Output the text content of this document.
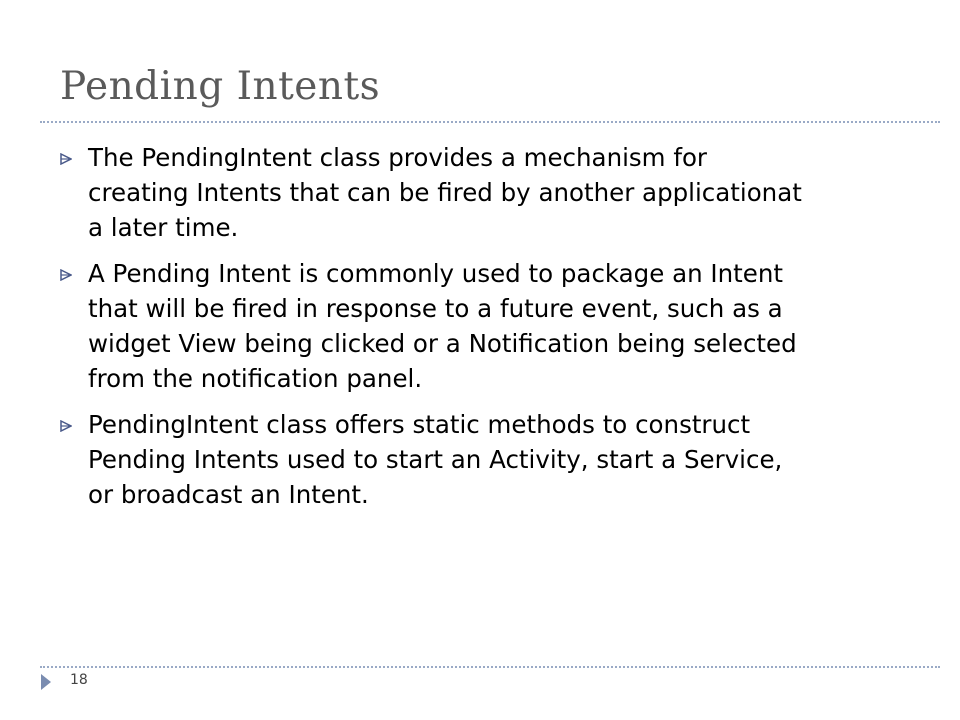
Pending Intents
The PendingIntent class provides a mechanism for
creating Intents that can be fired by another applicationat
a later time.
A Pending Intent is commonly used to package an Intent
that will be fired in response to a future event, such as a
widget View being clicked or a Notification being selected
from the notification panel.
PendingIntent class offers static methods to construct
Pending Intents used to start an Activity, start a Service,
or broadcast an Intent.
18
